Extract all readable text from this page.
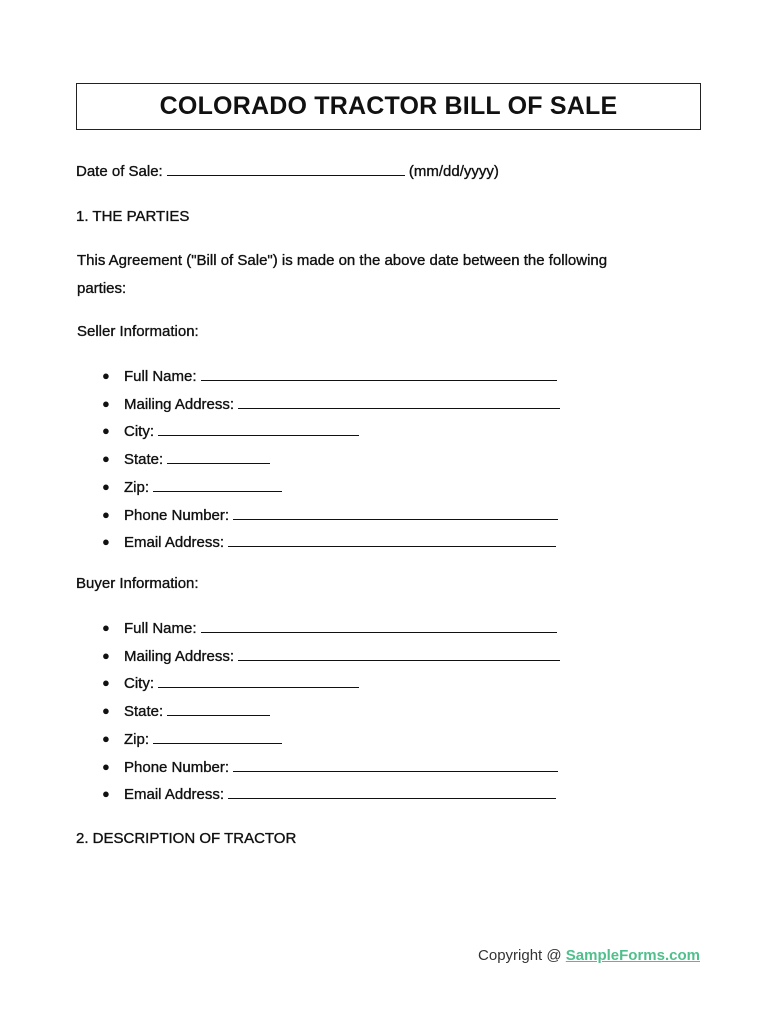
COLORADO TRACTOR BILL OF SALE
Date of Sale:	(mm/dd/yyyy)
1. THE PARTIES
This Agreement ("Bill of Sale") is made on the above date between the following
parties:
Seller Information:
● Full Name:
● Mailing Address:
● City:
● State:
● Zip:
● Phone Number:
● Email Address:
Buyer Information:
● Full Name:
● Mailing Address:
● City:
● State:
● Zip:
● Phone Number:
● Email Address:
2. DESCRIPTION OF TRACTOR
Copyright @ SampleForms.com
